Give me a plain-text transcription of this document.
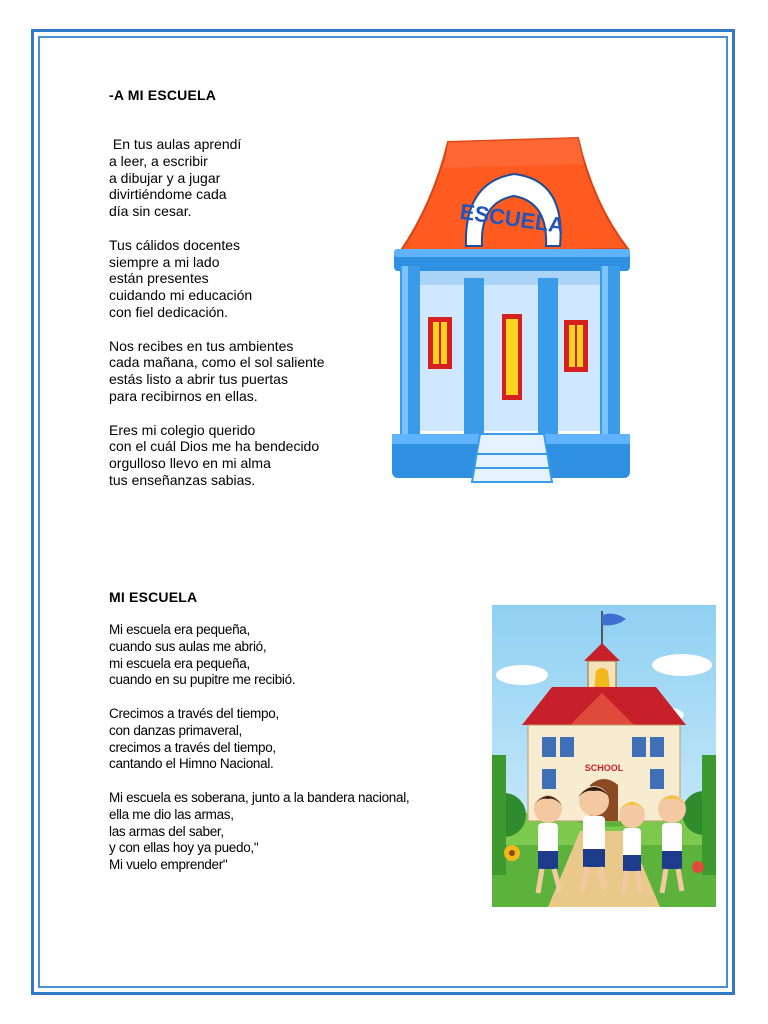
-A MI ESCUELA

En tus aulas aprendí
a leer, a escribir
a dibujar y a jugar
divirtiéndome cada
día sin cesar.

Tus cálidos docentes
siempre a mi lado
están presentes
cuidando mi educación
con fiel dedicación.

Nos recibes en tus ambientes
cada mañana, como el sol saliente
estás listo a abrir tus puertas
para recibirnos en ellas.

Eres mi colegio querido
con el cuál Dios me ha bendecido
orgulloso llevo en mi alma
tus enseñanzas sabias.

ESCUELA
MI ESCUELA

Mi escuela era pequeña,
cuando sus aulas me abrió,
mi escuela era pequeña,
cuando en su pupitre me recibió.

Crecimos a través del tiempo,
con danzas primaveral,
crecimos a través del tiempo,
cantando el Himno Nacional.

Mi escuela es soberana, junto a la bandera nacional,
ella me dio las armas,
las armas del saber,
y con ellas hoy ya puedo,"
Mi vuelo emprender"

SCHOOL
